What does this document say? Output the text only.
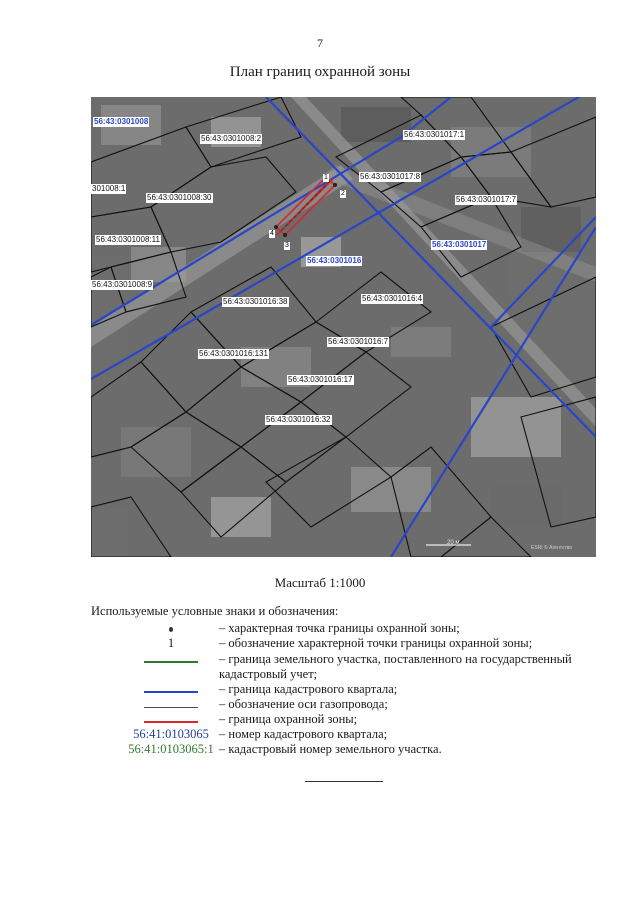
7
План границ охранной зоны
56:43:0301008
56:43:0301017
56:43:0301016
56:43:0301008:2	56:43:0301017:1
301008:1
56:43:0301008:30
56:43:0301017:8
56:43:0301017:7
56:43:0301008:11
56:43:0301008:9
56:43:0301016:38	56:43:0301016:4
56:43:0301016:7
56:43:0301016:131
56:43:0301016:17
56:43:0301016:32
1
2
3
4
20 м
ESRI © Агентство
Масштаб 1:1000
Используемые условные знаки и обозначения:
– характерная точка границы охранной зоны;
1	– обозначение характерной точки границы охранной зоны;
– граница земельного участка, поставленного на государственный кадастровый учет;
– граница кадастрового квартала;
– обозначение оси газопровода;
– граница охранной зоны;
56:41:0103065 – номер кадастрового квартала;
56:41:0103065:1 – кадастровый номер земельного участка.
